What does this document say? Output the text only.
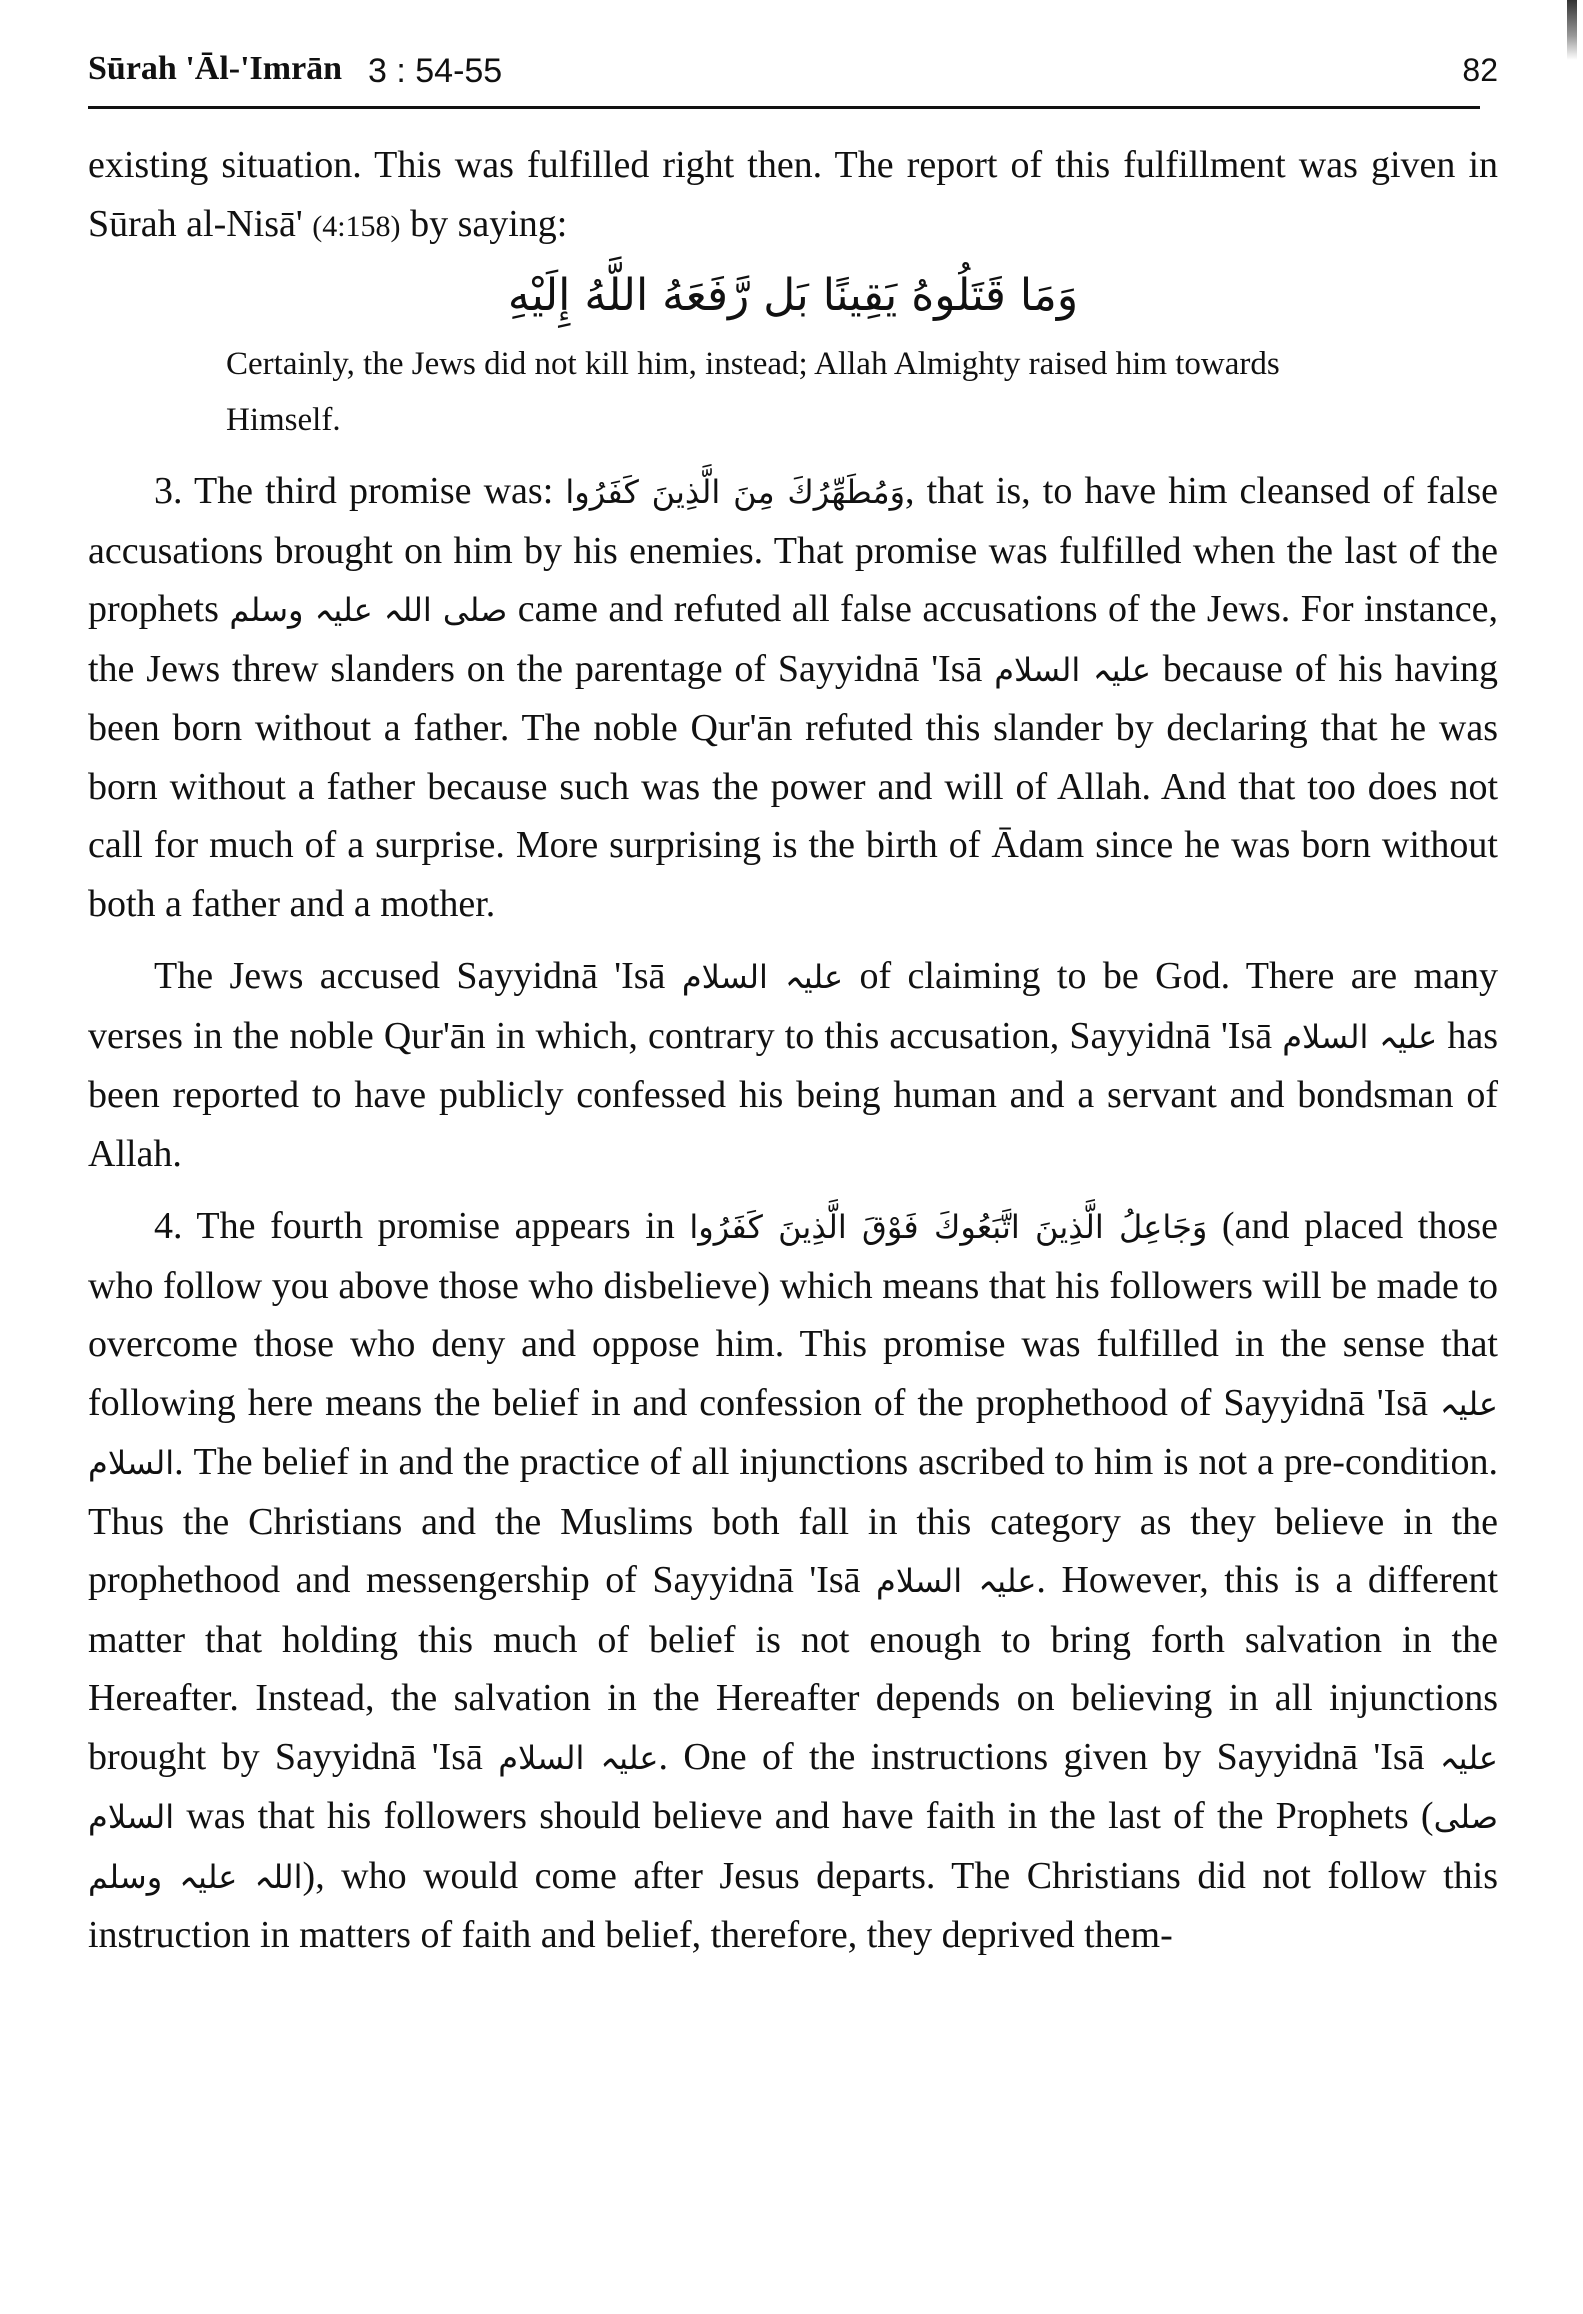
Sūrah 'Āl-'Imrān 3 : 54-55	82

existing situation. This was fulfilled right then. The report of this fulfillment was given in Sūrah al-Nisā' (4:158) by saying:

وَمَا قَتَلُوهُ يَقِينًا بَل رَّفَعَهُ اللَّهُ إِلَيْهِ

Certainly, the Jews did not kill him, instead; Allah Almighty raised him towards Himself.

3. The third promise was: وَمُطَهِّرُكَ مِنَ الَّذِينَ كَفَرُوا, that is, to have him cleansed of false accusations brought on him by his enemies. That promise was fulfilled when the last of the prophets صلی اللہ علیہ وسلم came and refuted all false accusations of the Jews. For instance, the Jews threw slanders on the parentage of Sayyidnā 'Isā علیہ السلام because of his having been born without a father. The noble Qur'ān refuted this slander by declaring that he was born without a father because such was the power and will of Allah. And that too does not call for much of a surprise. More surprising is the birth of Ādam since he was born without both a father and a mother.

The Jews accused Sayyidnā 'Isā علیہ السلام of claiming to be God. There are many verses in the noble Qur'ān in which, contrary to this accusation, Sayyidnā 'Isā علیہ السلام has been reported to have publicly confessed his being human and a servant and bondsman of Allah.

4. The fourth promise appears in وَجَاعِلُ الَّذِينَ اتَّبَعُوكَ فَوْقَ الَّذِينَ كَفَرُوا (and placed those who follow you above those who disbelieve) which means that his followers will be made to overcome those who deny and oppose him. This promise was fulfilled in the sense that following here means the belief in and confession of the prophethood of Sayyidnā 'Isā علیہ السلام. The belief in and the practice of all injunctions ascribed to him is not a pre-condition. Thus the Christians and the Muslims both fall in this category as they believe in the prophethood and messengership of Sayyidnā 'Isā علیہ السلام. However, this is a different matter that holding this much of belief is not enough to bring forth salvation in the Hereafter. Instead, the salvation in the Hereafter depends on believing in all injunctions brought by Sayyidnā 'Isā علیہ السلام. One of the instructions given by Sayyidnā 'Isā علیہ السلام was that his followers should believe and have faith in the last of the Prophets (صلی اللہ علیہ وسلم), who would come after Jesus departs. The Christians did not follow this instruction in matters of faith and belief, therefore, they deprived them-
